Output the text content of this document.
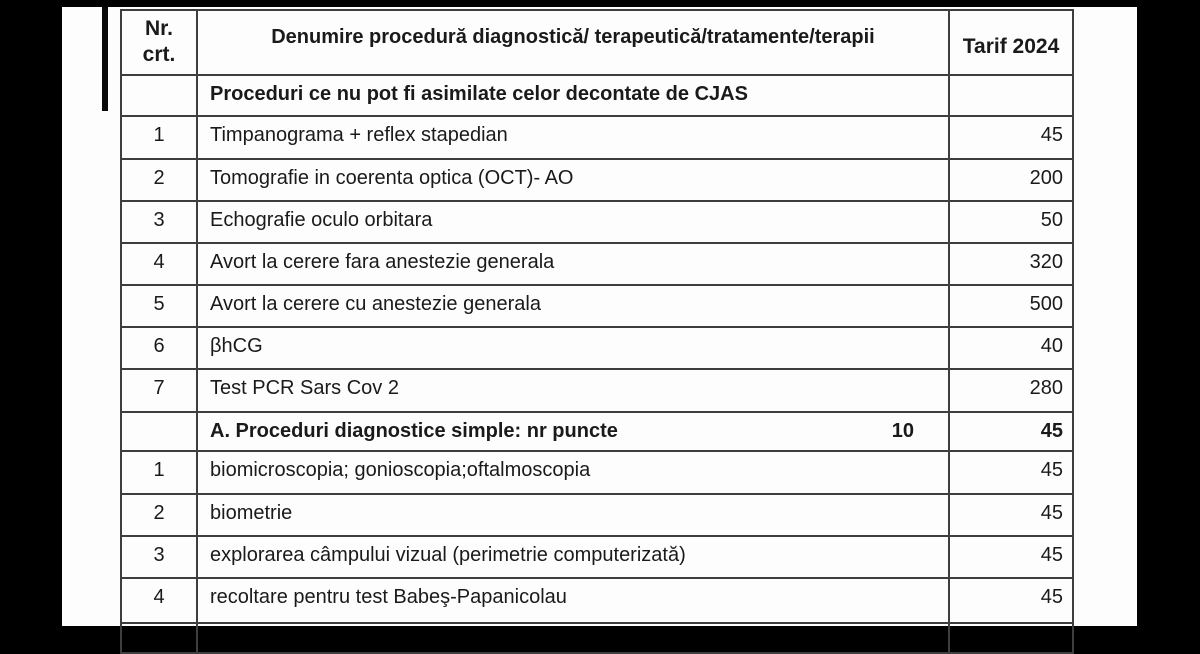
Nr.
crt.	Denumire procedură diagnostică/ terapeutică/tratamente/terapii	Tarif 2024
	Proceduri ce nu pot fi asimilate celor decontate de CJAS	
1	Timpanograma + reflex stapedian	45
2	Tomografie in coerenta optica (OCT)- AO	200
3	Echografie oculo orbitara	50
4	Avort la cerere fara anestezie generala	320
5	Avort la cerere cu anestezie generala	500
6	βhCG	40
7	Test PCR Sars Cov 2	280

	A. Proceduri diagnostice simple: nr puncte 10	45
1	biomicroscopia; gonioscopia;oftalmoscopia	45
2	biometrie	45
3	explorarea câmpului vizual (perimetrie computerizată)	45
4	recoltare pentru test Babeş-Papanicolau	45
